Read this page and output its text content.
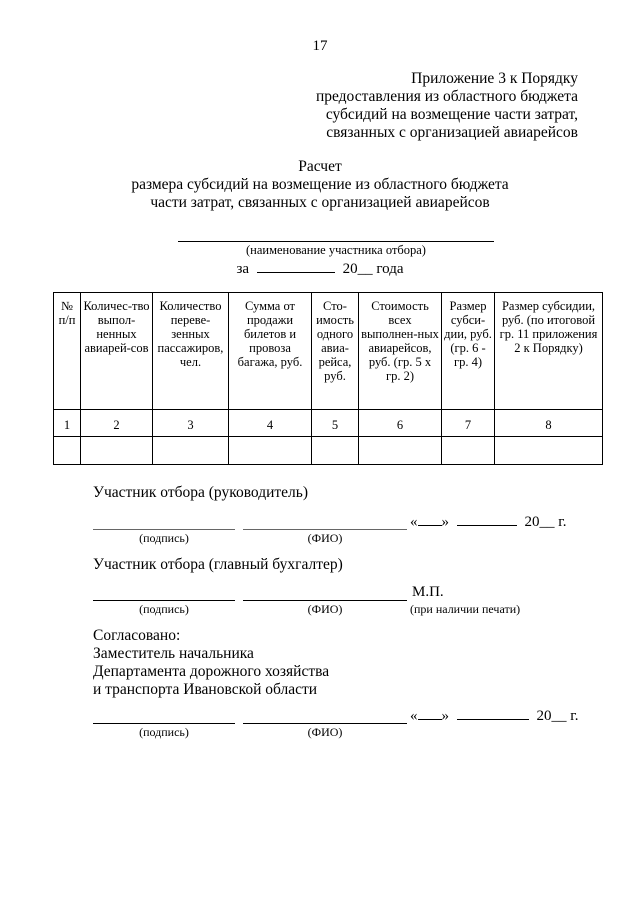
17
Приложение 3 к Порядку
предоставления из областного бюджета
субсидий на возмещение части затрат,
связанных с организацией авиарейсов
Расчет
размера субсидий на возмещение из областного бюджета
части затрат, связанных с организацией авиарейсов
(наименование участника отбора)
за	20__ года
№ п/п	Количес-тво выпол-ненных авиарей-сов	Количество переве-зенных пассажиров, чел.	Сумма от продажи билетов и провоза багажа, руб.	Сто-имость одного авиа-рейса, руб.	Стоимость всех выполнен-ных авиарейсов, руб. (гр. 5 х гр. 2)	Размер субси-дии, руб. (гр. 6 - гр. 4)	Размер субсидии, руб. (по итоговой гр. 11 приложения 2 к Порядку)
1	2	3	4	5	6	7	8

Участник отбора (руководитель)
« »	20__ г.
(подпись)	(ФИО)
Участник отбора (главный бухгалтер)
М.П.
(подпись)	(ФИО)	(при наличии печати)
Согласовано:
Заместитель начальника
Департамента дорожного хозяйства
и транспорта Ивановской области
« »	20__ г.
(подпись)	(ФИО)
